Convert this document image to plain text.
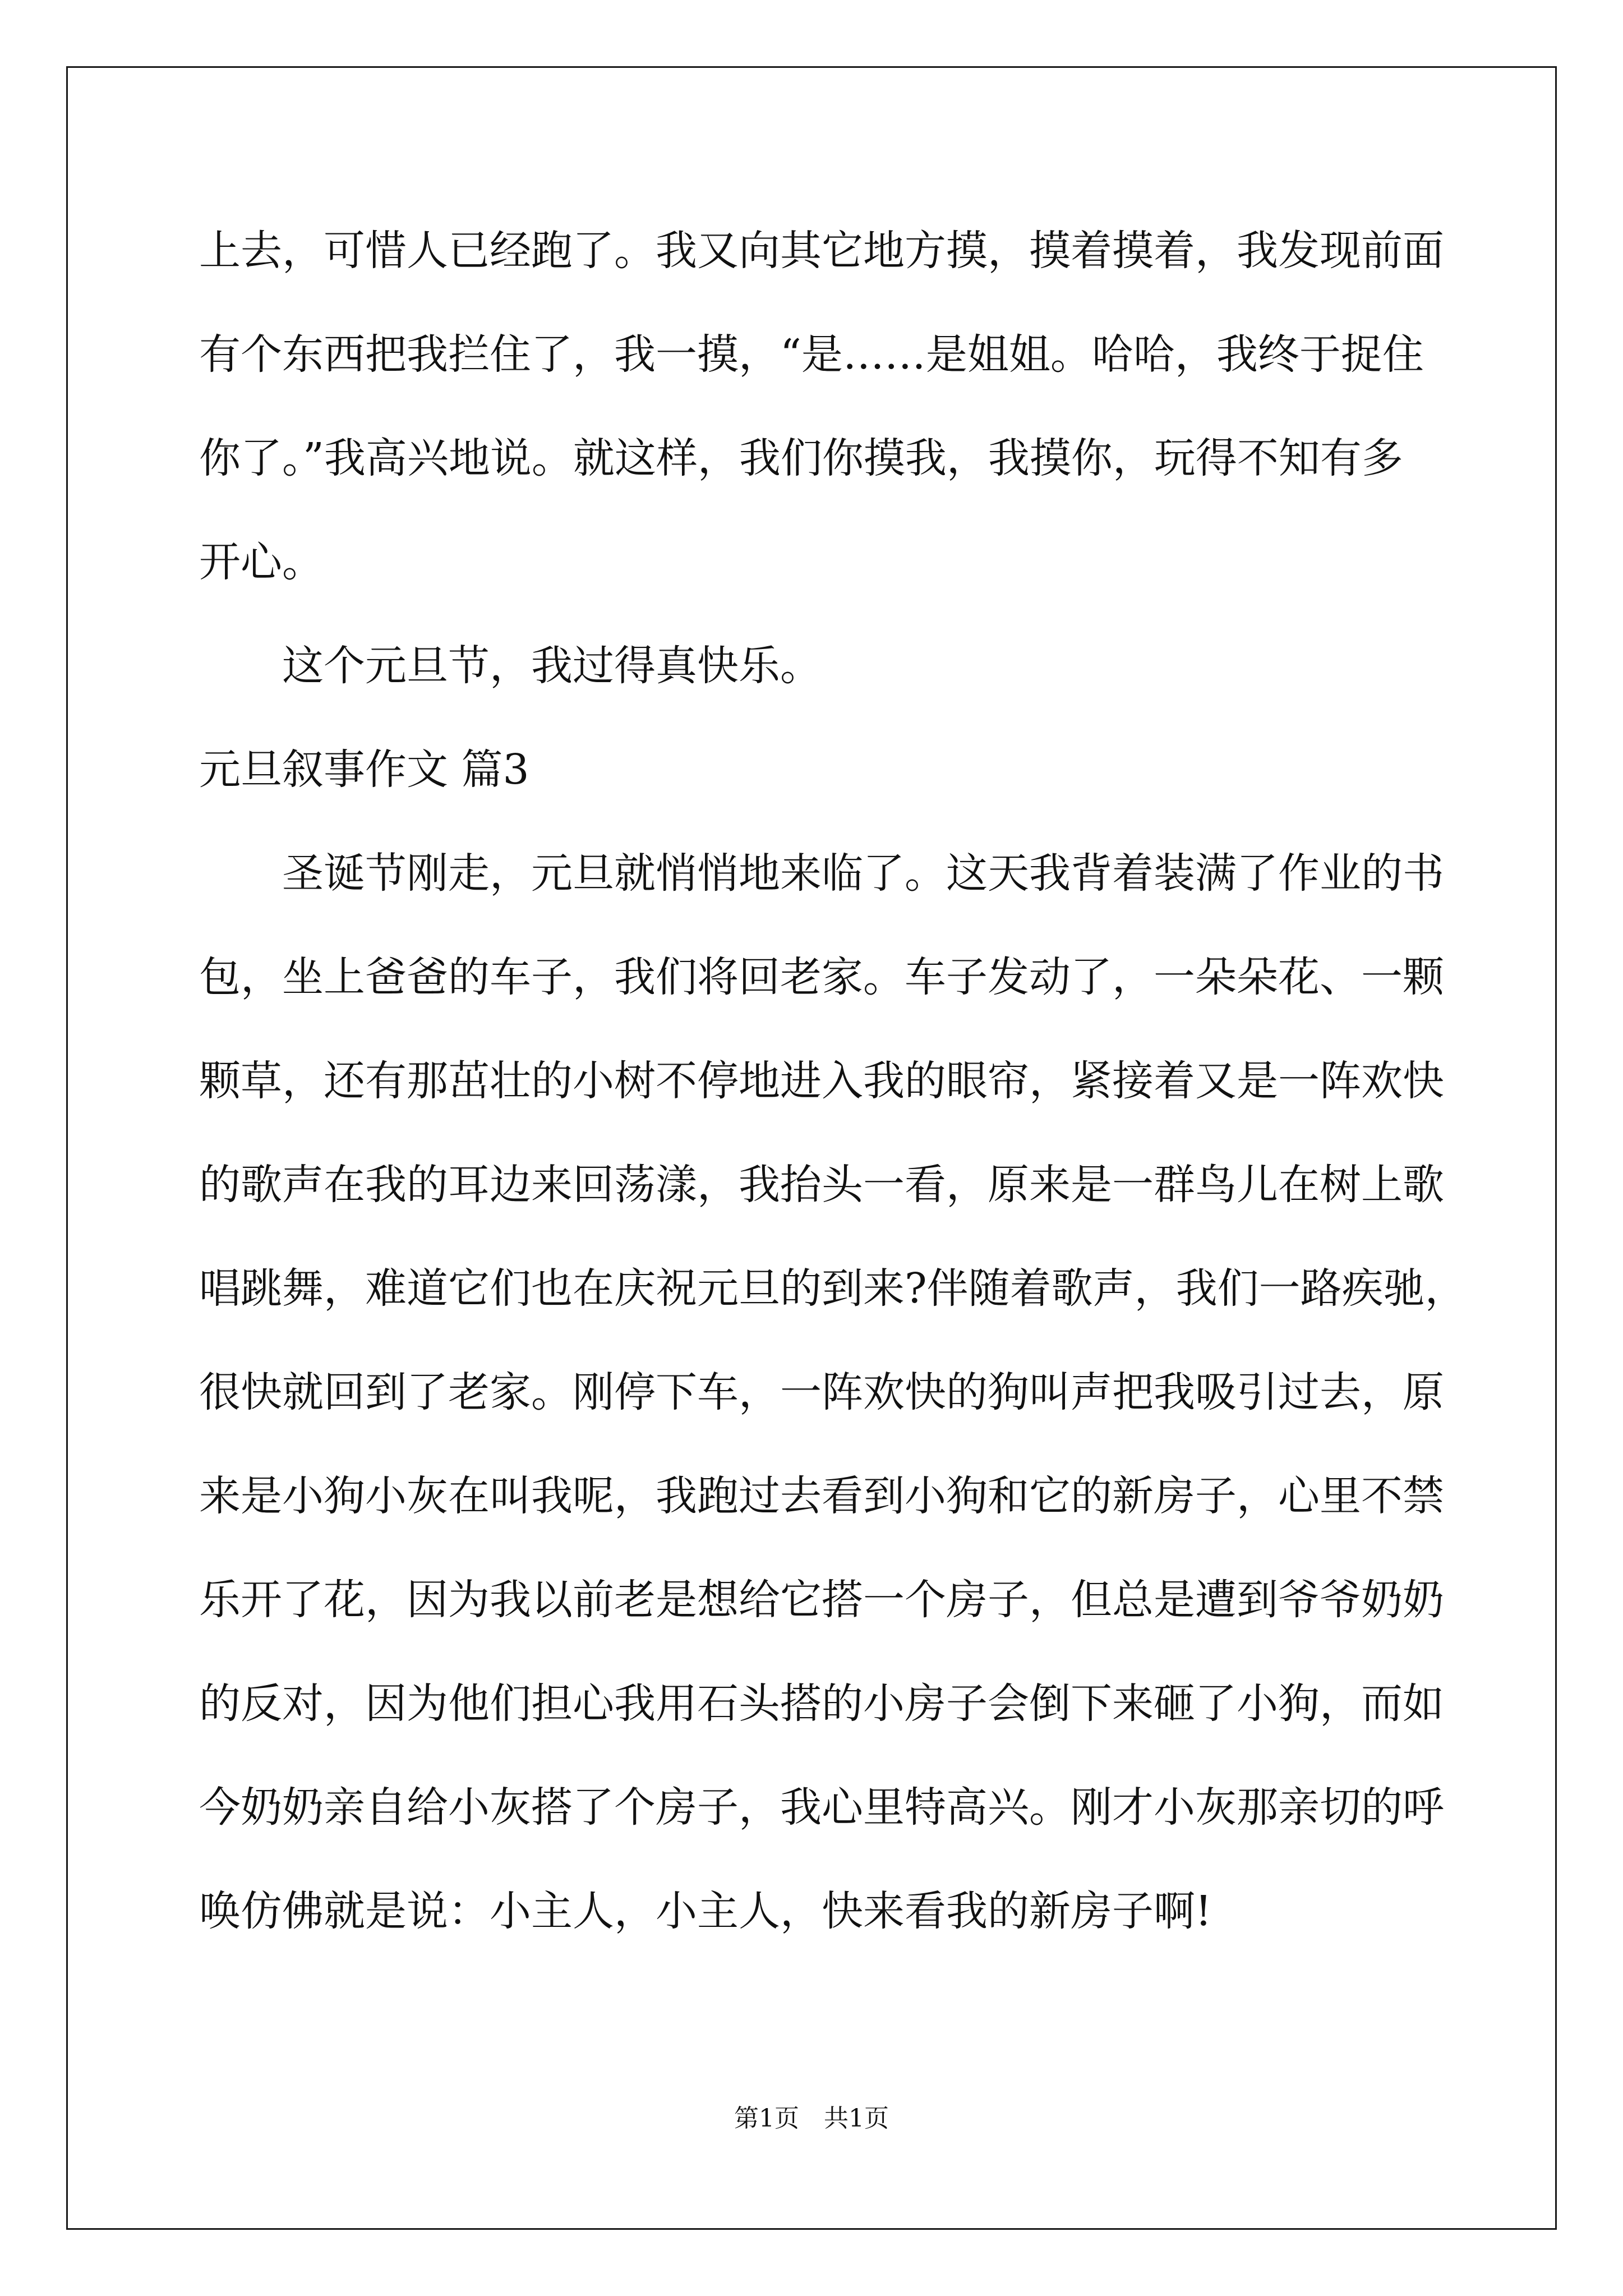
上去，可惜人已经跑了。我又向其它地方摸，摸着摸着，我发现前面
有个东西把我拦住了，我一摸，“是……是姐姐。哈哈，我终于捉住
你了。”我高兴地说。就这样，我们你摸我，我摸你，玩得不知有多
开心。
这个元旦节，我过得真快乐。
元旦叙事作文 篇3
圣诞节刚走，元旦就悄悄地来临了。这天我背着装满了作业的书
包，坐上爸爸的车子，我们将回老家。车子发动了，一朵朵花、一颗
颗草，还有那茁壮的小树不停地进入我的眼帘，紧接着又是一阵欢快
的歌声在我的耳边来回荡漾，我抬头一看，原来是一群鸟儿在树上歌
唱跳舞，难道它们也在庆祝元旦的到来?伴随着歌声，我们一路疾驰，
很快就回到了老家。刚停下车，一阵欢快的狗叫声把我吸引过去，原
来是小狗小灰在叫我呢，我跑过去看到小狗和它的新房子，心里不禁
乐开了花，因为我以前老是想给它搭一个房子，但总是遭到爷爷奶奶
的反对，因为他们担心我用石头搭的小房子会倒下来砸了小狗，而如
今奶奶亲自给小灰搭了个房子，我心里特高兴。刚才小灰那亲切的呼
唤仿佛就是说：小主人，小主人，快来看我的新房子啊!
第1页　共1页
